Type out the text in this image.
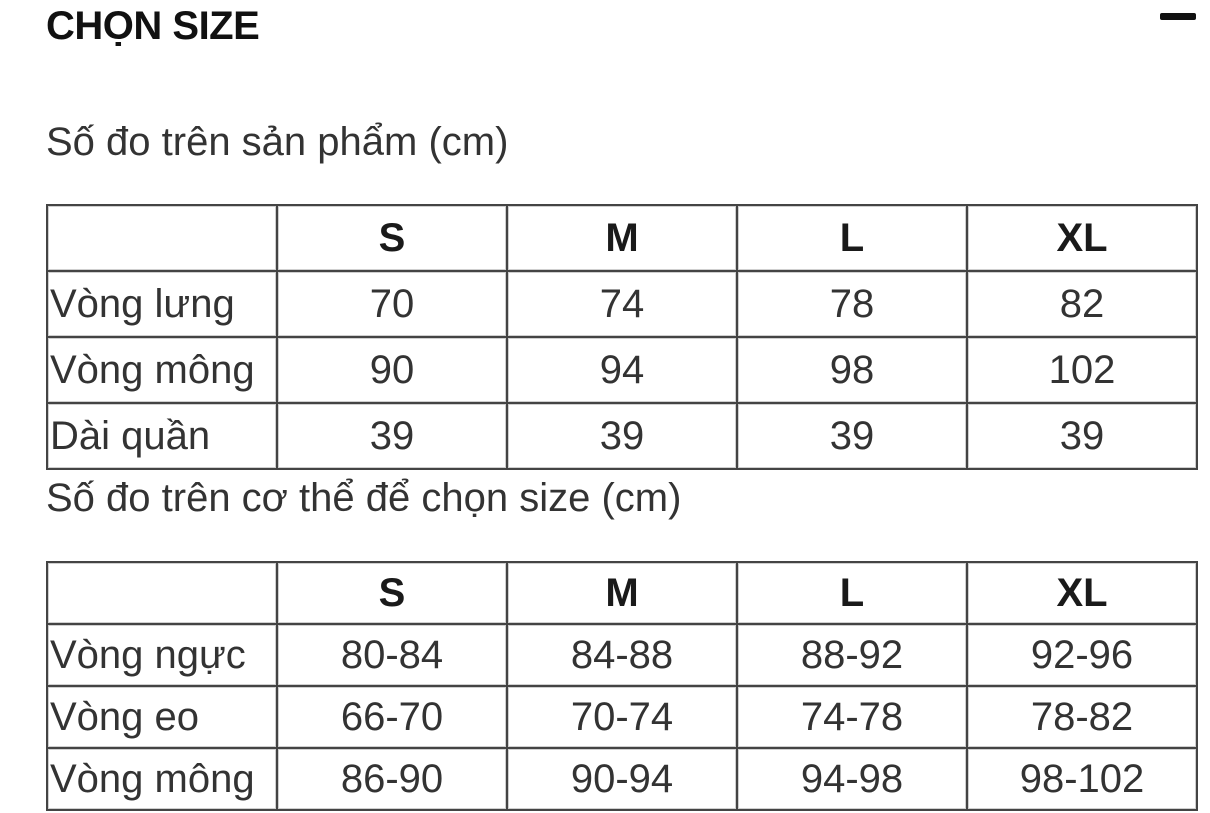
CHỌN SIZE
Số đo trên sản phẩm (cm)
	S	M	L	XL
Vòng lưng	70	74	78	82
Vòng mông	90	94	98	102
Dài quần	39	39	39	39
Số đo trên cơ thể để chọn size (cm)
	S	M	L	XL
Vòng ngực	80-84	84-88	88-92	92-96
Vòng eo	66-70	70-74	74-78	78-82
Vòng mông	86-90	90-94	94-98	98-102
